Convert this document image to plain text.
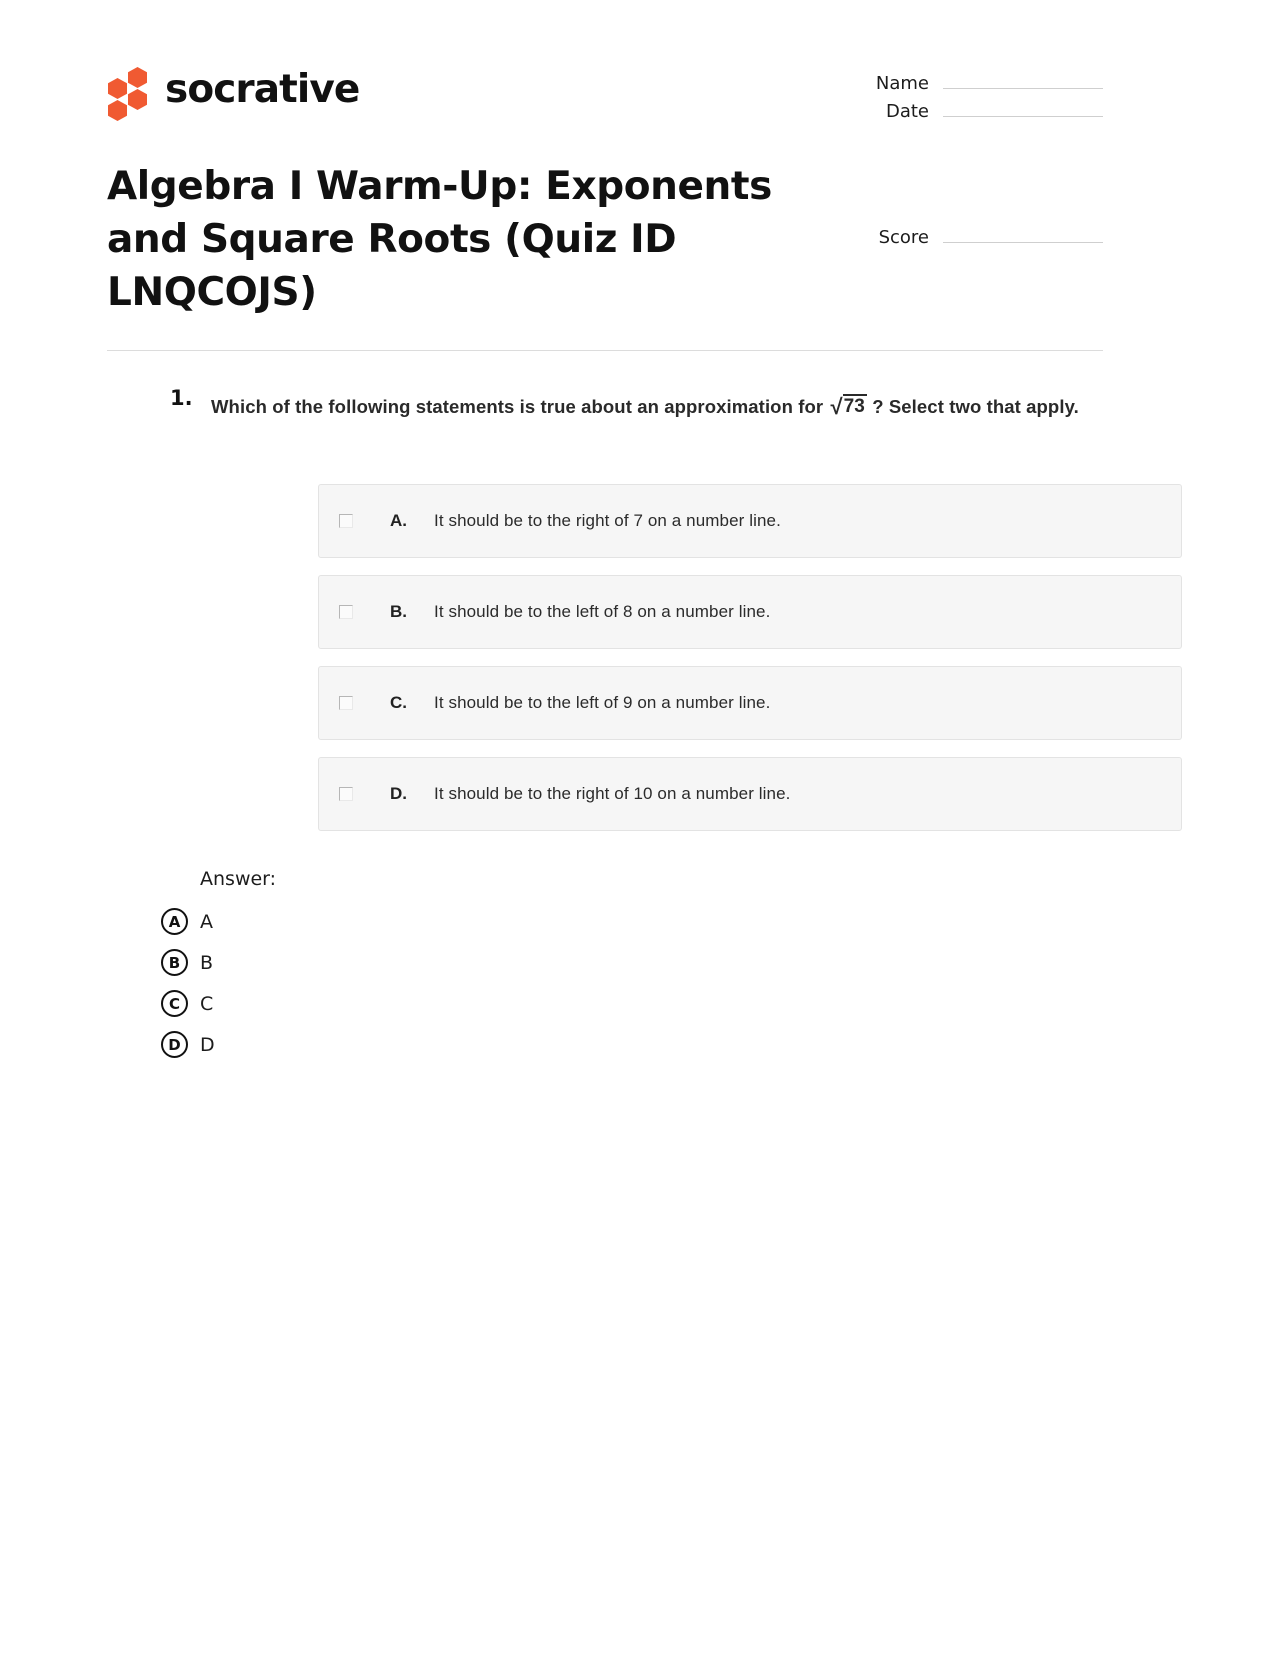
socrative	Name
Date
Score
Algebra I Warm-Up: Exponents and Square Roots (Quiz ID LNQCOJS)
1. Which of the following statements is true about an approximation for √73 ? Select two that apply.
A.	It should be to the right of 7 on a number line.
B.	It should be to the left of 8 on a number line.
C.	It should be to the left of 9 on a number line.
D.	It should be to the right of 10 on a number line.
Answer:
A	A
B	B
C	C
D	D
